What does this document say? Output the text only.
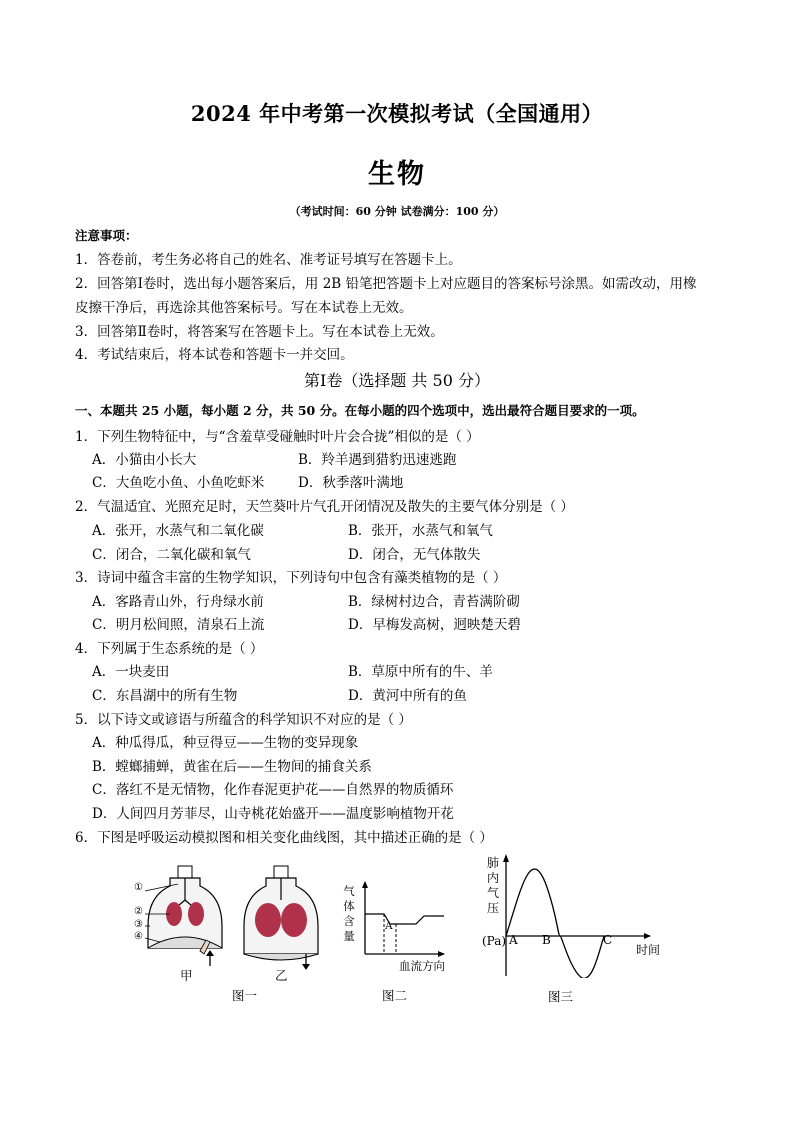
2024 年中考第一次模拟考试（全国通用）
生物
（考试时间：60 分钟 试卷满分：100 分）
注意事项：
1．答卷前，考生务必将自己的姓名、准考证号填写在答题卡上。
2．回答第Ⅰ卷时，选出每小题答案后，用 2B 铅笔把答题卡上对应题目的答案标号涂黑。如需改动，用橡
皮擦干净后，再选涂其他答案标号。写在本试卷上无效。
3．回答第Ⅱ卷时，将答案写在答题卡上。写在本试卷上无效。
4．考试结束后，将本试卷和答题卡一并交回。
第Ⅰ卷（选择题 共 50 分）
一、本题共 25 小题，每小题 2 分，共 50 分。在每小题的四个选项中，选出最符合题目要求的一项。
1．下列生物特征中，与“含羞草受碰触时叶片会合拢”相似的是（ ）
A．小猫由小长大	B．羚羊遇到猎豹迅速逃跑
C．大鱼吃小鱼、小鱼吃虾米 D．秋季落叶满地
2．气温适宜、光照充足时，天竺葵叶片气孔开闭情况及散失的主要气体分别是（ ）
A．张开，水蒸气和二氧化碳	B．张开，水蒸气和氧气
C．闭合，二氧化碳和氧气	D．闭合，无气体散失
3．诗词中蕴含丰富的生物学知识，下列诗句中包含有藻类植物的是（ ）
A．客路青山外，行舟绿水前	B．绿树村边合，青苔满阶砌
C．明月松间照，清泉石上流	D．早梅发高树，迥映楚天碧
4．下列属于生态系统的是（ ）
A．一块麦田	B．草原中所有的牛、羊
C．东昌湖中的所有生物	D．黄河中所有的鱼
5．以下诗文或谚语与所蕴含的科学知识不对应的是（ ）
A．种瓜得瓜，种豆得豆——生物的变异现象
B．螳螂捕蝉，黄雀在后——生物间的捕食关系
C．落红不是无情物，化作春泥更护花——自然界的物质循环
D．人间四月芳菲尽，山寺桃花始盛开——温度影响植物开花
6．下图是呼吸运动模拟图和相关变化曲线图，其中描述正确的是（ ）
①
②
③
④
甲	乙
图一
气 体 含 量
A
血流方向
图二
肺 内 气 压
(Pa) A B	C
时间
图三
